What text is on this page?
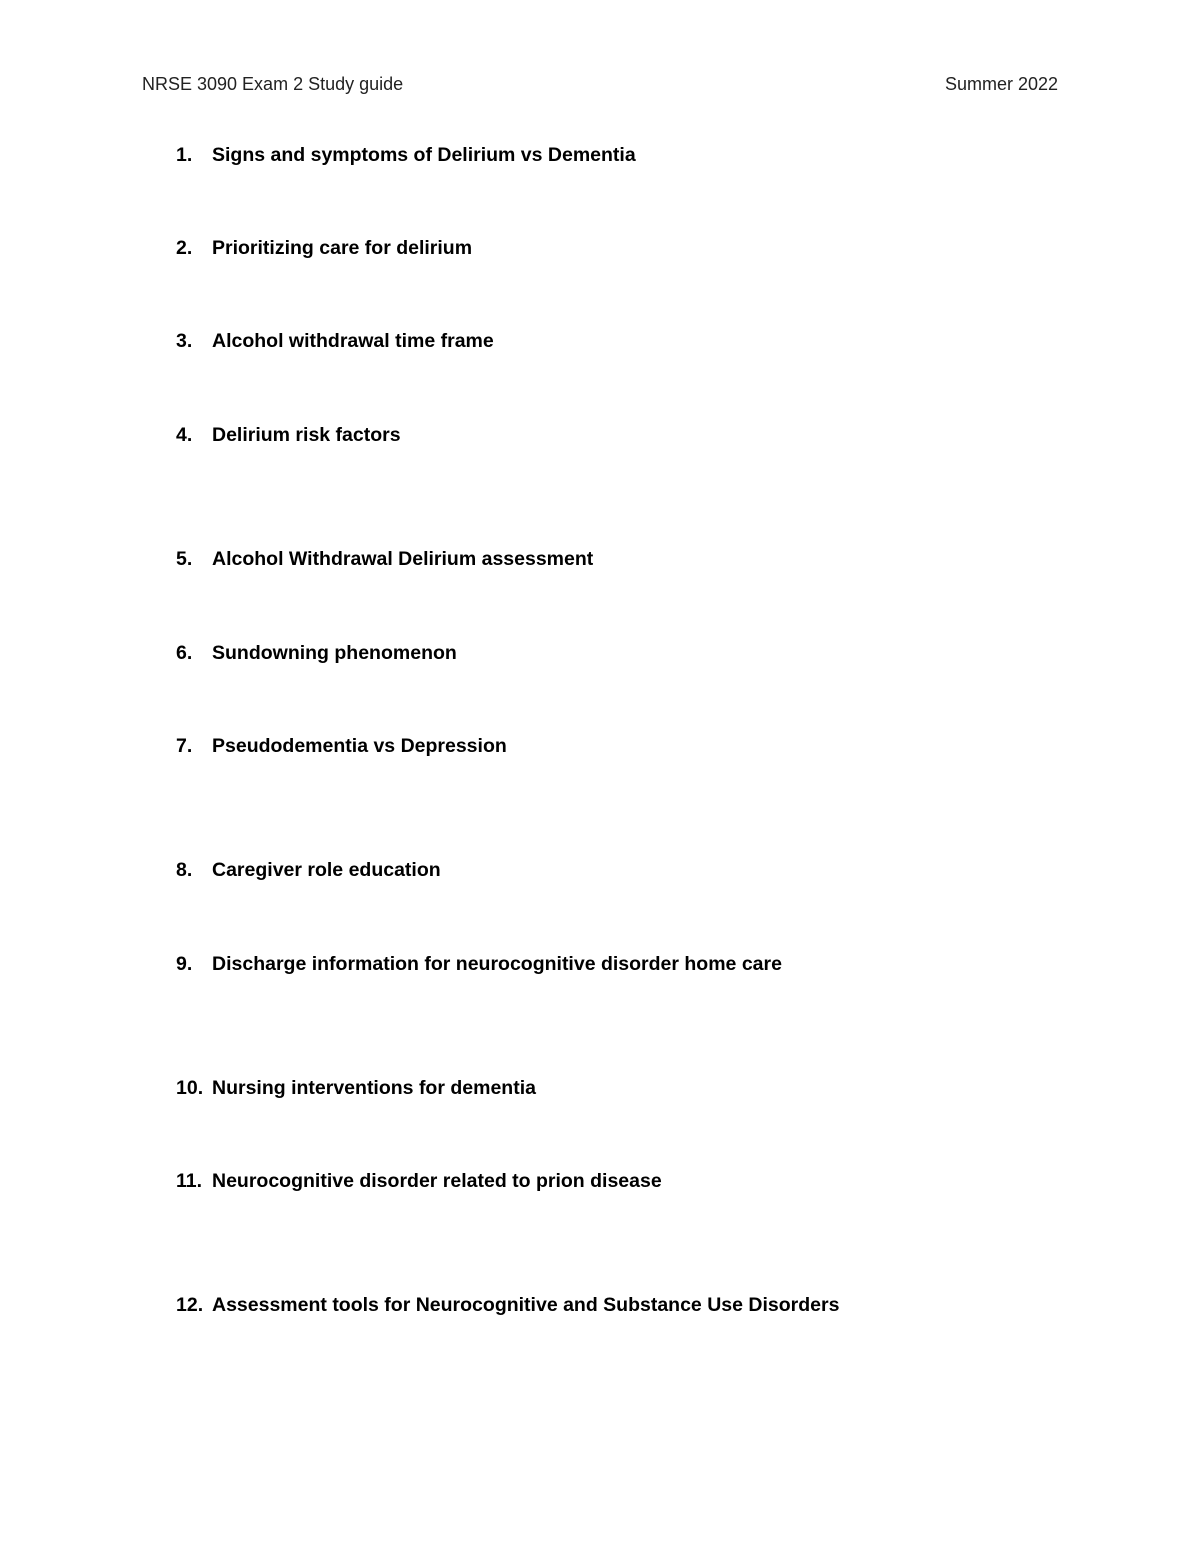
NRSE 3090 Exam 2 Study guide	Summer 2022
1.	Signs and symptoms of Delirium vs Dementia
2.	Prioritizing care for delirium
3.	Alcohol withdrawal time frame
4.	Delirium risk factors
5.	Alcohol Withdrawal Delirium assessment
6.	Sundowning phenomenon
7.	Pseudodementia vs Depression
8.	Caregiver role education
9.	Discharge information for neurocognitive disorder home care
10. Nursing interventions for dementia
11. Neurocognitive disorder related to prion disease
12. Assessment tools for Neurocognitive and Substance Use Disorders
